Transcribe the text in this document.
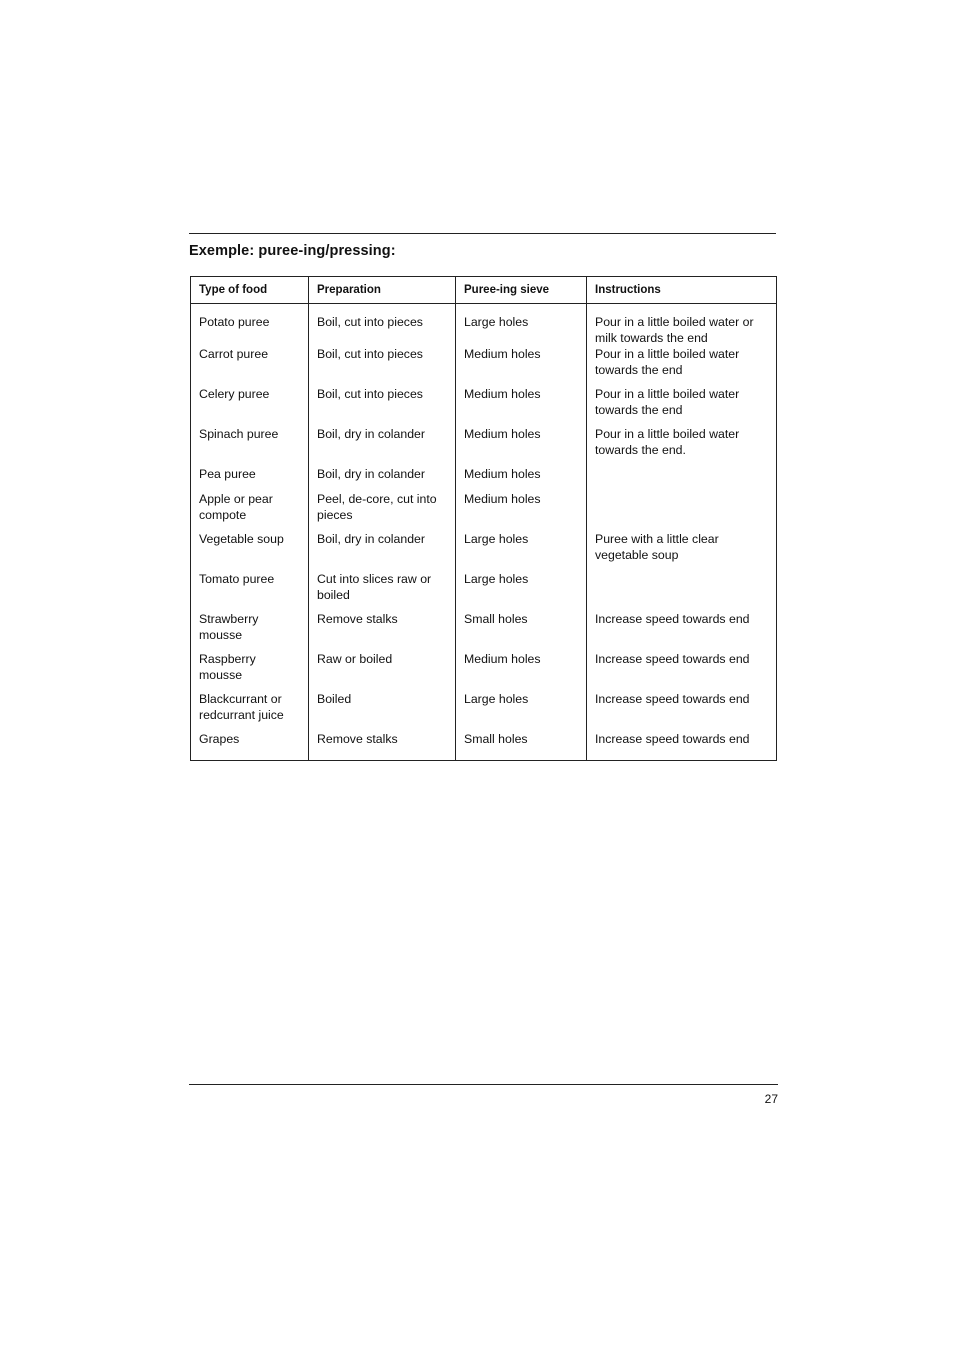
Exemple: puree-ing/pressing:
Type of food	Preparation	Puree-ing sieve	Instructions
Potato puree	Boil, cut into pieces	Large holes	Pour in a little boiled water or milk towards the end
Carrot puree	Boil, cut into pieces	Medium holes	Pour in a little boiled water towards the end
Celery puree	Boil, cut into pieces	Medium holes	Pour in a little boiled water towards the end
Spinach puree	Boil, dry in colander	Medium holes	Pour in a little boiled water towards the end.
Pea puree	Boil, dry in colander	Medium holes	
Apple or pear compote	Peel, de-core, cut into pieces	Medium holes	
Vegetable soup	Boil, dry in colander	Large holes	Puree with a little clear vegetable soup
Tomato puree	Cut into slices raw or boiled	Large holes	
Strawberry mousse	Remove stalks	Small holes	Increase speed towards end
Raspberry mousse	Raw or boiled	Medium holes	Increase speed towards end
Blackcurrant or redcurrant juice	Boiled	Large holes	Increase speed towards end
Grapes	Remove stalks	Small holes	Increase speed towards end
27
